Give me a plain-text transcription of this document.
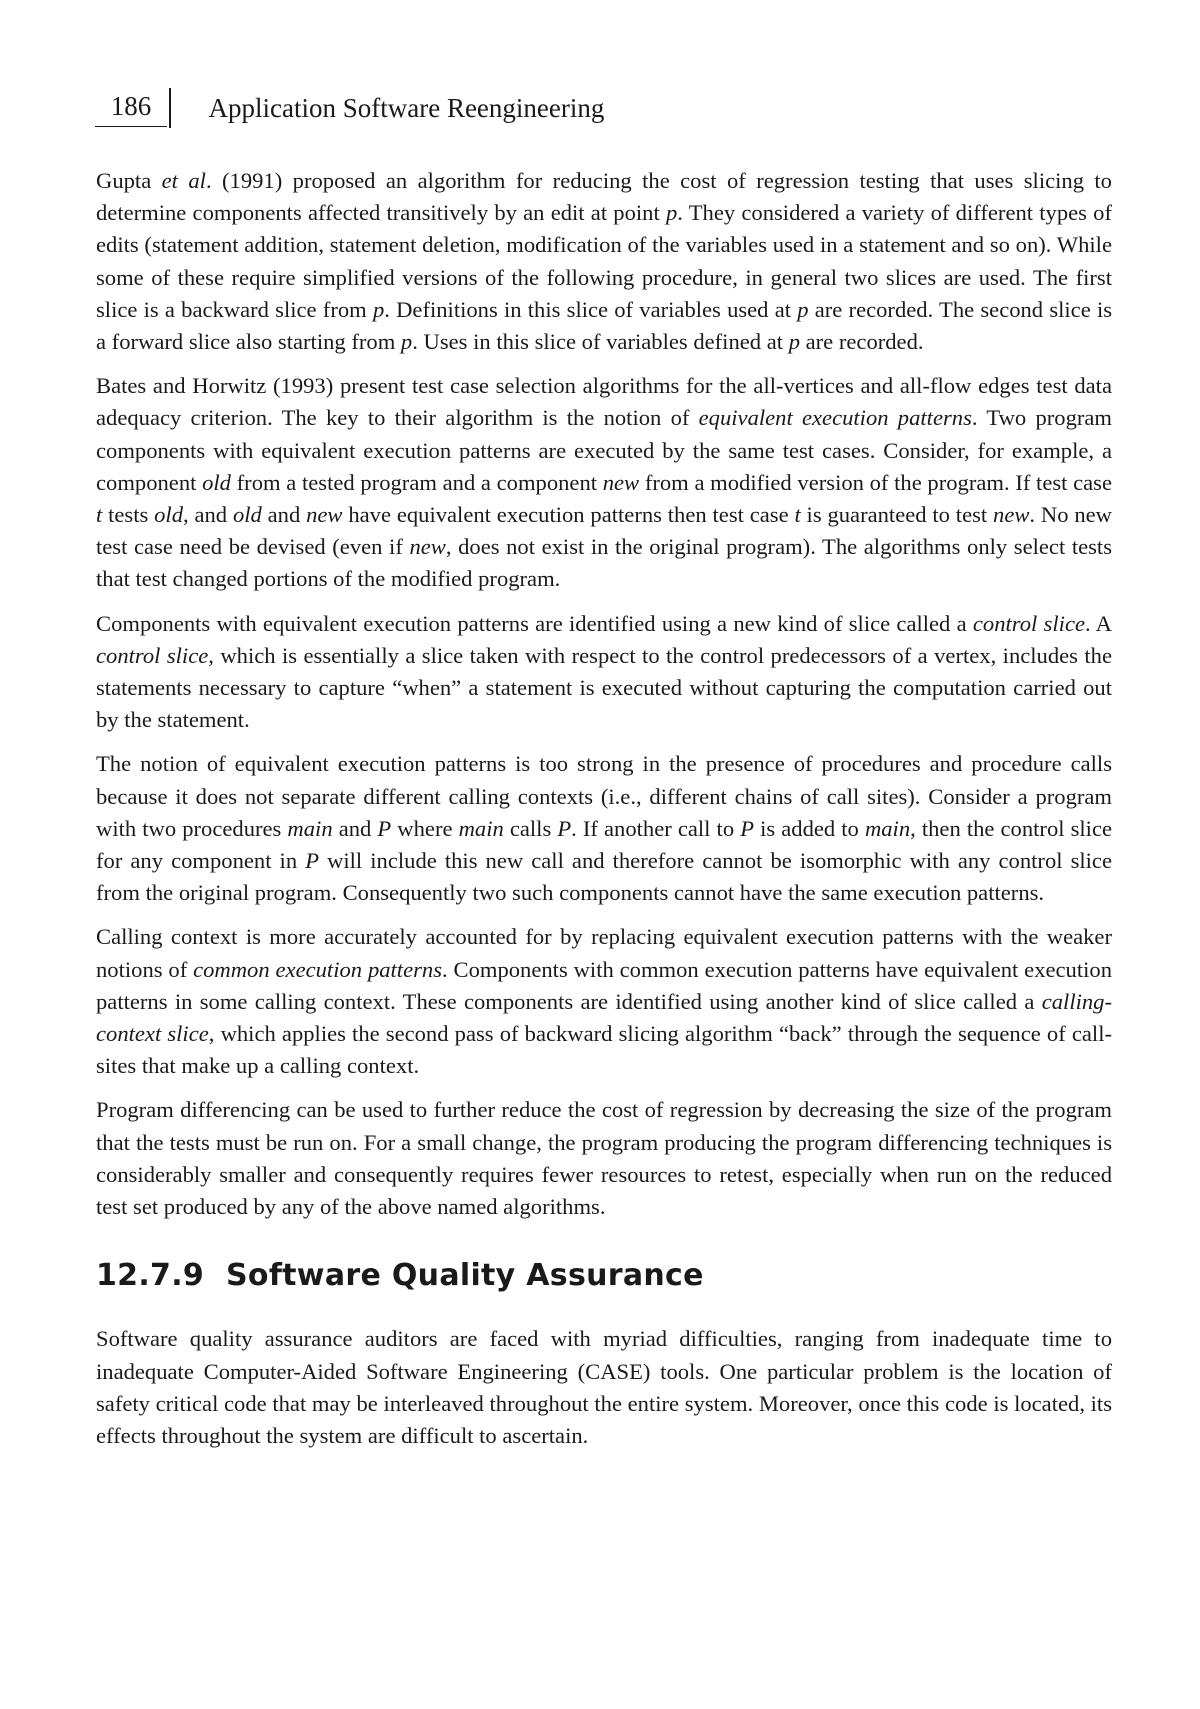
186	Application Software Reengineering

Gupta et al. (1991) proposed an algorithm for reducing the cost of regression testing that uses slicing to determine components affected transitively by an edit at point p. They considered a variety of different types of edits (statement addition, statement deletion, modification of the variables used in a statement and so on). While some of these require simplified versions of the following procedure, in general two slices are used. The first slice is a backward slice from p. Definitions in this slice of variables used at p are recorded. The second slice is a forward slice also starting from p. Uses in this slice of variables defined at p are recorded.

Bates and Horwitz (1993) present test case selection algorithms for the all-vertices and all-flow edges test data adequacy criterion. The key to their algorithm is the notion of equivalent execution patterns. Two program components with equivalent execution patterns are executed by the same test cases. Consider, for example, a component old from a tested program and a component new from a modified version of the program. If test case t tests old, and old and new have equivalent execution patterns then test case t is guaranteed to test new. No new test case need be devised (even if new, does not exist in the original program). The algorithms only select tests that test changed portions of the modified program.

Components with equivalent execution patterns are identified using a new kind of slice called a control slice. A control slice, which is essentially a slice taken with respect to the control predecessors of a vertex, includes the statements necessary to capture “when” a statement is executed without capturing the computation carried out by the statement.

The notion of equivalent execution patterns is too strong in the presence of procedures and procedure calls because it does not separate different calling contexts (i.e., different chains of call sites). Consider a program with two procedures main and P where main calls P. If another call to P is added to main, then the control slice for any component in P will include this new call and therefore cannot be isomorphic with any control slice from the original program. Consequently two such components cannot have the same execution patterns.

Calling context is more accurately accounted for by replacing equivalent execution patterns with the weaker notions of common execution patterns. Components with common execution patterns have equivalent execution patterns in some calling context. These components are identified using another kind of slice called a calling-context slice, which applies the second pass of backward slicing algorithm “back” through the sequence of call-sites that make up a calling context.

Program differencing can be used to further reduce the cost of regression by decreasing the size of the program that the tests must be run on. For a small change, the program producing the program differencing techniques is considerably smaller and consequently requires fewer resources to retest, especially when run on the reduced test set produced by any of the above named algorithms.

12.7.9 Software Quality Assurance

Software quality assurance auditors are faced with myriad difficulties, ranging from inadequate time to inadequate Computer-Aided Software Engineering (CASE) tools. One particular problem is the location of safety critical code that may be interleaved throughout the entire system. Moreover, once this code is located, its effects throughout the system are difficult to ascertain.
